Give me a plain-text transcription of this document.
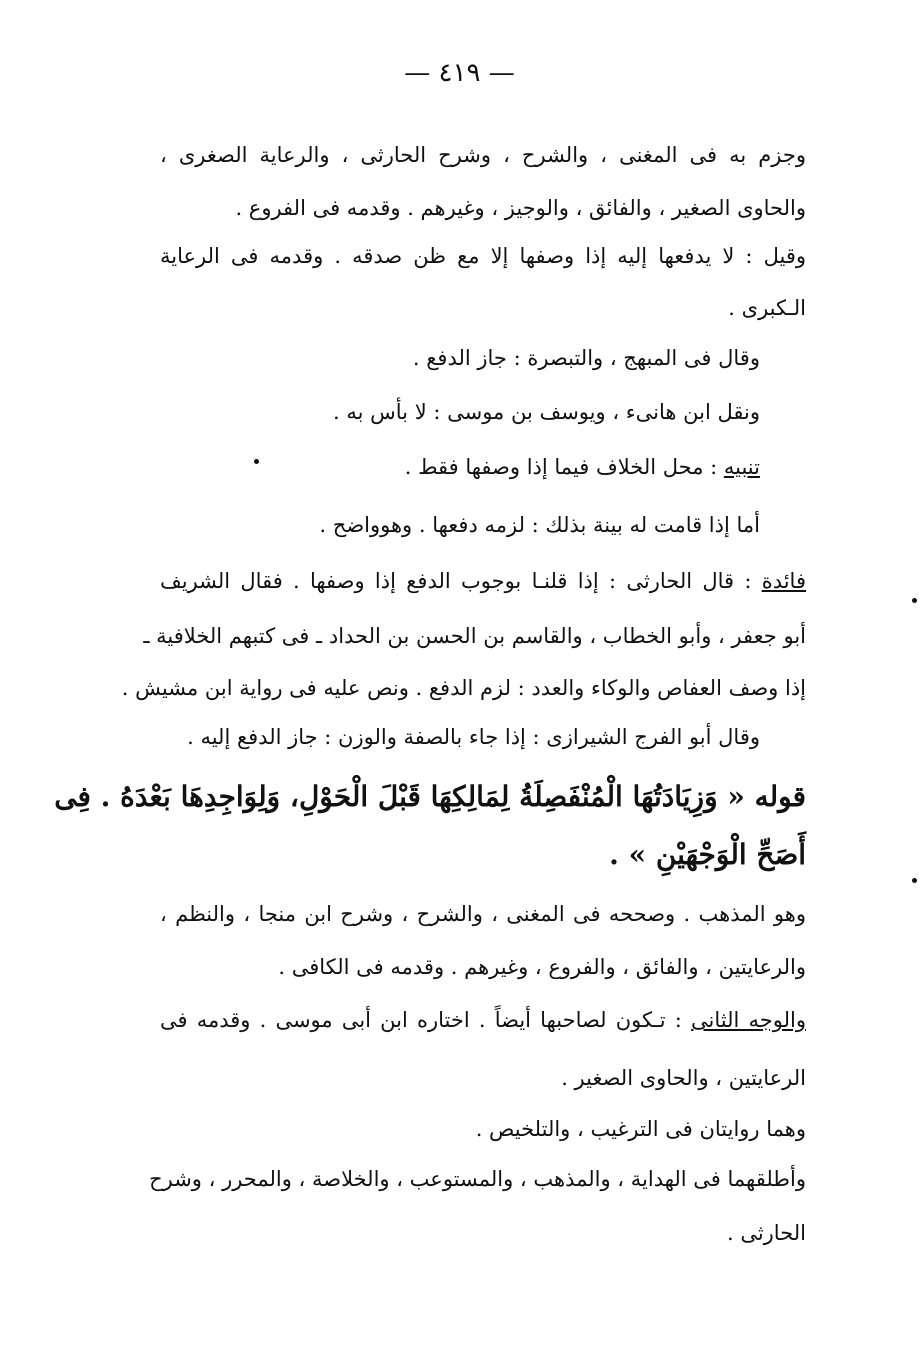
— ٤١٩ —
وجزم به فى المغنى ، والشرح ، وشرح الحارثى ، والرعاية الصغرى ،
والحاوى الصغير ، والفائق ، والوجيز ، وغيرهم . وقدمه فى الفروع .
وقيل : لا يدفعها إليه إذا وصفها إلا مع ظن صدقه . وقدمه فى الرعاية
الـكبرى .
وقال فى المبهج ، والتبصرة : جاز الدفع .
ونقل ابن هانىء ، ويوسف بن موسى : لا بأس به .
تنبيه : محل الخلاف فيما إذا وصفها فقط .
أما إذا قامت له بينة بذلك : لزمه دفعها . وهوواضح .
فائدة : قال الحارثى : إذا قلنـا بوجوب الدفع إذا وصفها . فقال الشريف
أبو جعفر ، وأبو الخطاب ، والقاسم بن الحسن بن الحداد ـ فى كتبهم الخلافية ـ
إذا وصف العفاص والوكاء والعدد : لزم الدفع . ونص عليه فى رواية ابن مشيش .
وقال أبو الفرج الشيرازى : إذا جاء بالصفة والوزن : جاز الدفع إليه .
قوله « وَزِيَادَتُهَا الْمُنْفَصِلَةُ لِمَالِكِهَا قَبْلَ الْحَوْلِ، وَلِوَاجِدِهَا بَعْدَهُ . فِى
أَصَحِّ الْوَجْهَيْنِ » .
وهو المذهب . وصححه فى المغنى ، والشرح ، وشرح ابن منجا ، والنظم ،
والرعايتين ، والفائق ، والفروع ، وغيرهم . وقدمه فى الكافى .
والوجه الثانى : تـكون لصاحبها أيضاً . اختاره ابن أبى موسى . وقدمه فى
الرعايتين ، والحاوى الصغير .
وهما روايتان فى الترغيب ، والتلخيص .
وأطلقهما فى الهداية ، والمذهب ، والمستوعب ، والخلاصة ، والمحرر ، وشرح
الحارثى .
